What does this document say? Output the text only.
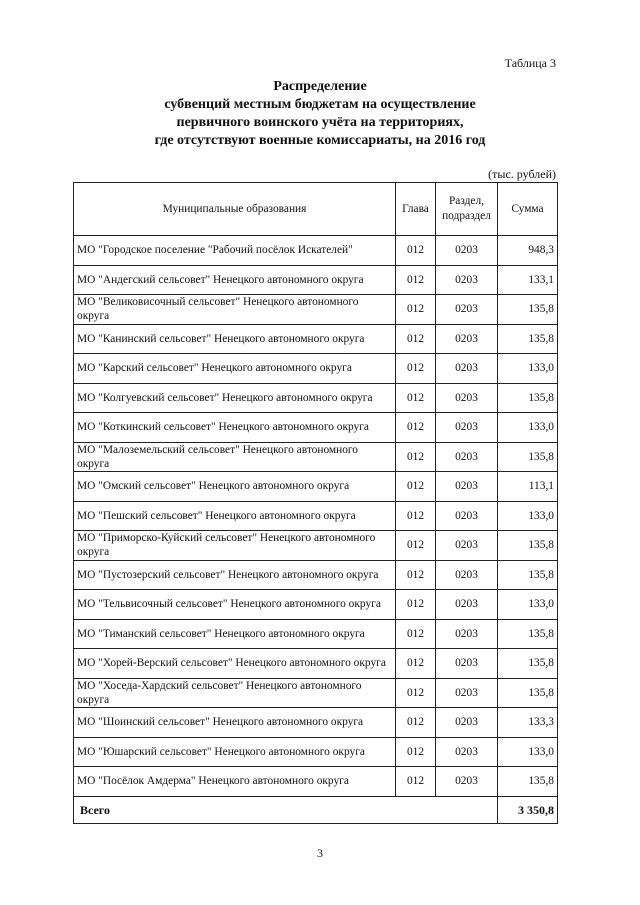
Таблица 3
Распределение
субвенций местным бюджетам на осуществление
первичного воинского учёта на территориях,
где отсутствуют военные комиссариаты, на 2016 год
(тыс. рублей)
Муниципальные образования	Глава	Раздел, подраздел	Сумма
МО "Городское поселение "Рабочий посёлок Искателей"	012	0203	948,3
МО "Андегский сельсовет" Ненецкого автономного округа	012	0203	133,1
МО "Великовисочный сельсовет" Ненецкого автономного округа	012	0203	135,8
МО "Канинский сельсовет" Ненецкого автономного округа	012	0203	135,8
МО "Карский сельсовет" Ненецкого автономного округа	012	0203	133,0
МО "Колгуевский сельсовет" Ненецкого автономного округа	012	0203	135,8
МО "Коткинский сельсовет" Ненецкого автономного округа	012	0203	133,0
МО "Малоземельский сельсовет" Ненецкого автономного округа	012	0203	135,8
МО "Омский сельсовет" Ненецкого автономного округа	012	0203	113,1
МО "Пешский сельсовет" Ненецкого автономного округа	012	0203	133,0
МО "Приморско-Куйский сельсовет" Ненецкого автономного округа	012	0203	135,8
МО "Пустозерский сельсовет" Ненецкого автономного округа	012	0203	135,8
МО "Тельвисочный сельсовет" Ненецкого автономного округа	012	0203	133,0
МО "Тиманский сельсовет" Ненецкого автономного округа	012	0203	135,8
МО "Хорей-Верский сельсовет" Ненецкого автономного округа	012	0203	135,8
МО "Хоседа-Хардский сельсовет" Ненецкого автономного округа	012	0203	135,8
МО "Шоинский сельсовет" Ненецкого автономного округа	012	0203	133,3
МО "Юшарский сельсовет" Ненецкого автономного округа	012	0203	133,0
МО "Посёлок Амдерма" Ненецкого автономного округа	012	0203	135,8
Всего			3 350,8
3
